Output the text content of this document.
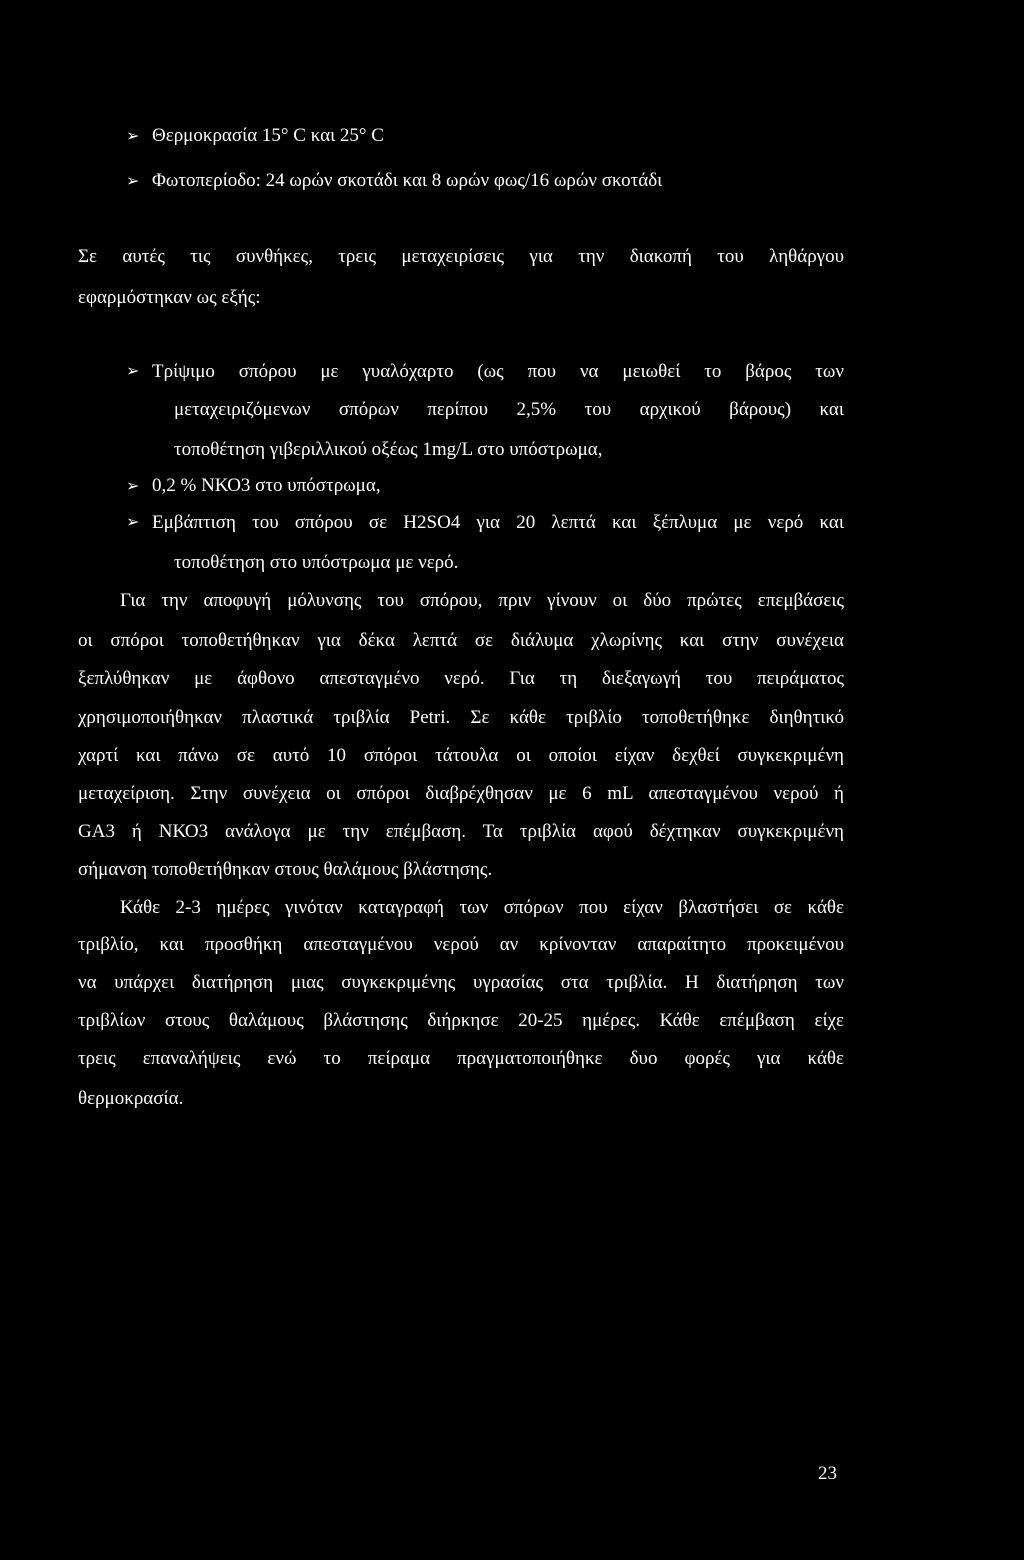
➢ Θερμοκρασία 15° C και 25° C
➢ Φωτοπερίοδο: 24 ωρών σκοτάδι και 8 ωρών φως/16 ωρών σκοτάδι
Σε αυτές τις συνθήκες, τρεις μεταχειρίσεις για την διακοπή του ληθάργου
εφαρμόστηκαν ως εξής:
➢ Τρίψιμο σπόρου με γυαλόχαρτο (ως που να μειωθεί το βάρος των
μεταχειριζόμενων σπόρων περίπου 2,5% του αρχικού βάρους) και
τοποθέτηση γιβεριλλικού οξέως 1mg/L στο υπόστρωμα,
➢ 0,2 % ΝΚΟ3 στο υπόστρωμα,
➢ Εμβάπτιση του σπόρου σε H2SO4 για 20 λεπτά και ξέπλυμα με νερό και
τοποθέτηση στο υπόστρωμα με νερό.
Για την αποφυγή μόλυνσης του σπόρου, πριν γίνουν οι δύο πρώτες επεμβάσεις
οι σπόροι τοποθετήθηκαν για δέκα λεπτά σε διάλυμα χλωρίνης και στην συνέχεια
ξεπλύθηκαν με άφθονο απεσταγμένο νερό. Για τη διεξαγωγή του πειράματος
χρησιμοποιήθηκαν πλαστικά τριβλία Petri. Σε κάθε τριβλίο τοποθετήθηκε διηθητικό
χαρτί και πάνω σε αυτό 10 σπόροι τάτουλα οι οποίοι είχαν δεχθεί συγκεκριμένη
μεταχείριση. Στην συνέχεια οι σπόροι διαβρέχθησαν με 6 mL απεσταγμένου νερού ή
GA3 ή ΝΚΟ3 ανάλογα με την επέμβαση. Τα τριβλία αφού δέχτηκαν συγκεκριμένη
σήμανση τοποθετήθηκαν στους θαλάμους βλάστησης.
Κάθε 2-3 ημέρες γινόταν καταγραφή των σπόρων που είχαν βλαστήσει σε κάθε
τριβλίο, και προσθήκη απεσταγμένου νερού αν κρίνονταν απαραίτητο προκειμένου
να υπάρχει διατήρηση μιας συγκεκριμένης υγρασίας στα τριβλία. Η διατήρηση των
τριβλίων στους θαλάμους βλάστησης διήρκησε 20-25 ημέρες. Κάθε επέμβαση είχε
τρεις επαναλήψεις ενώ το πείραμα πραγματοποιήθηκε δυο φορές για κάθε
θερμοκρασία.
23
